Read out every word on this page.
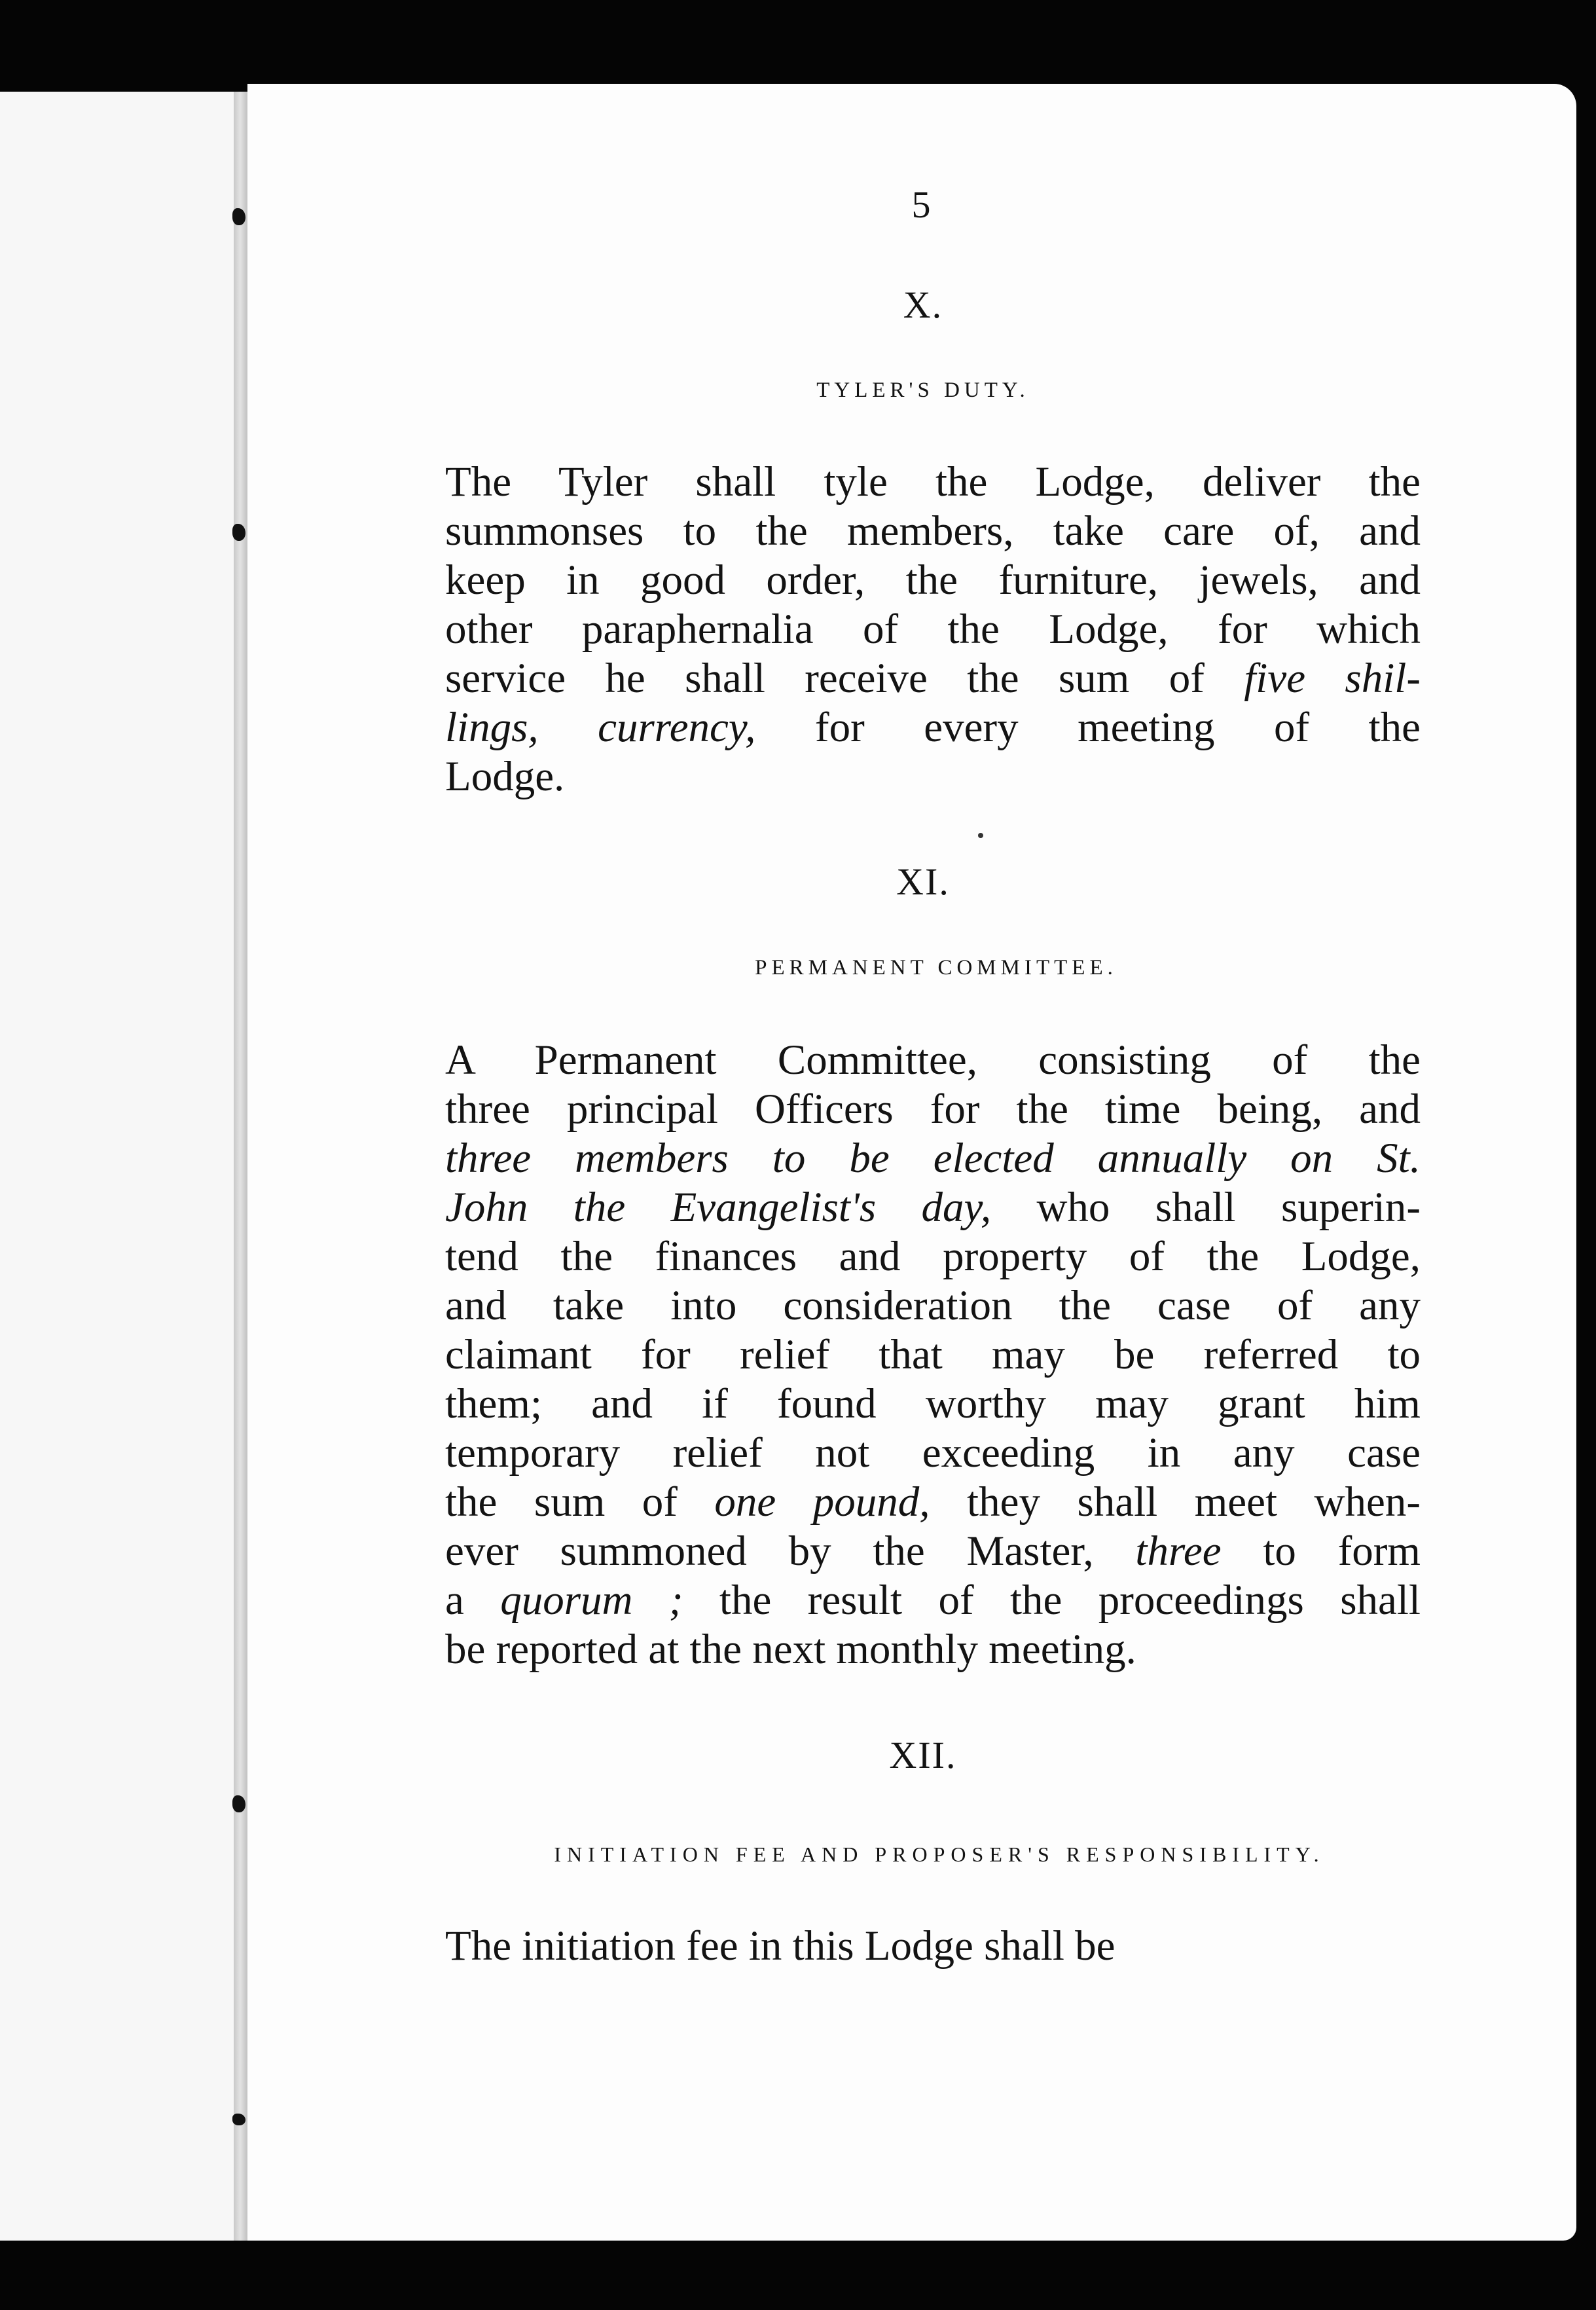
5
X.
TYLER'S DUTY.
The Tyler shall tyle the Lodge, deliver the
summonses to the members, take care of, and
keep in good order, the furniture, jewels, and
other paraphernalia of the Lodge, for which
service he shall receive the sum of five shil-
lings, currency, for every meeting of the
Lodge.
XI.
PERMANENT COMMITTEE.
A Permanent Committee, consisting of the
three principal Officers for the time being, and
three members to be elected annually on St.
John the Evangelist's day, who shall superin-
tend the finances and property of the Lodge,
and take into consideration the case of any
claimant for relief that may be referred to
them; and if found worthy may grant him
temporary relief not exceeding in any case
the sum of one pound, they shall meet when-
ever summoned by the Master, three to form
a quorum ; the result of the proceedings shall
be reported at the next monthly meeting.
XII.
INITIATION FEE AND PROPOSER'S RESPONSIBILITY.
The initiation fee in this Lodge shall be
